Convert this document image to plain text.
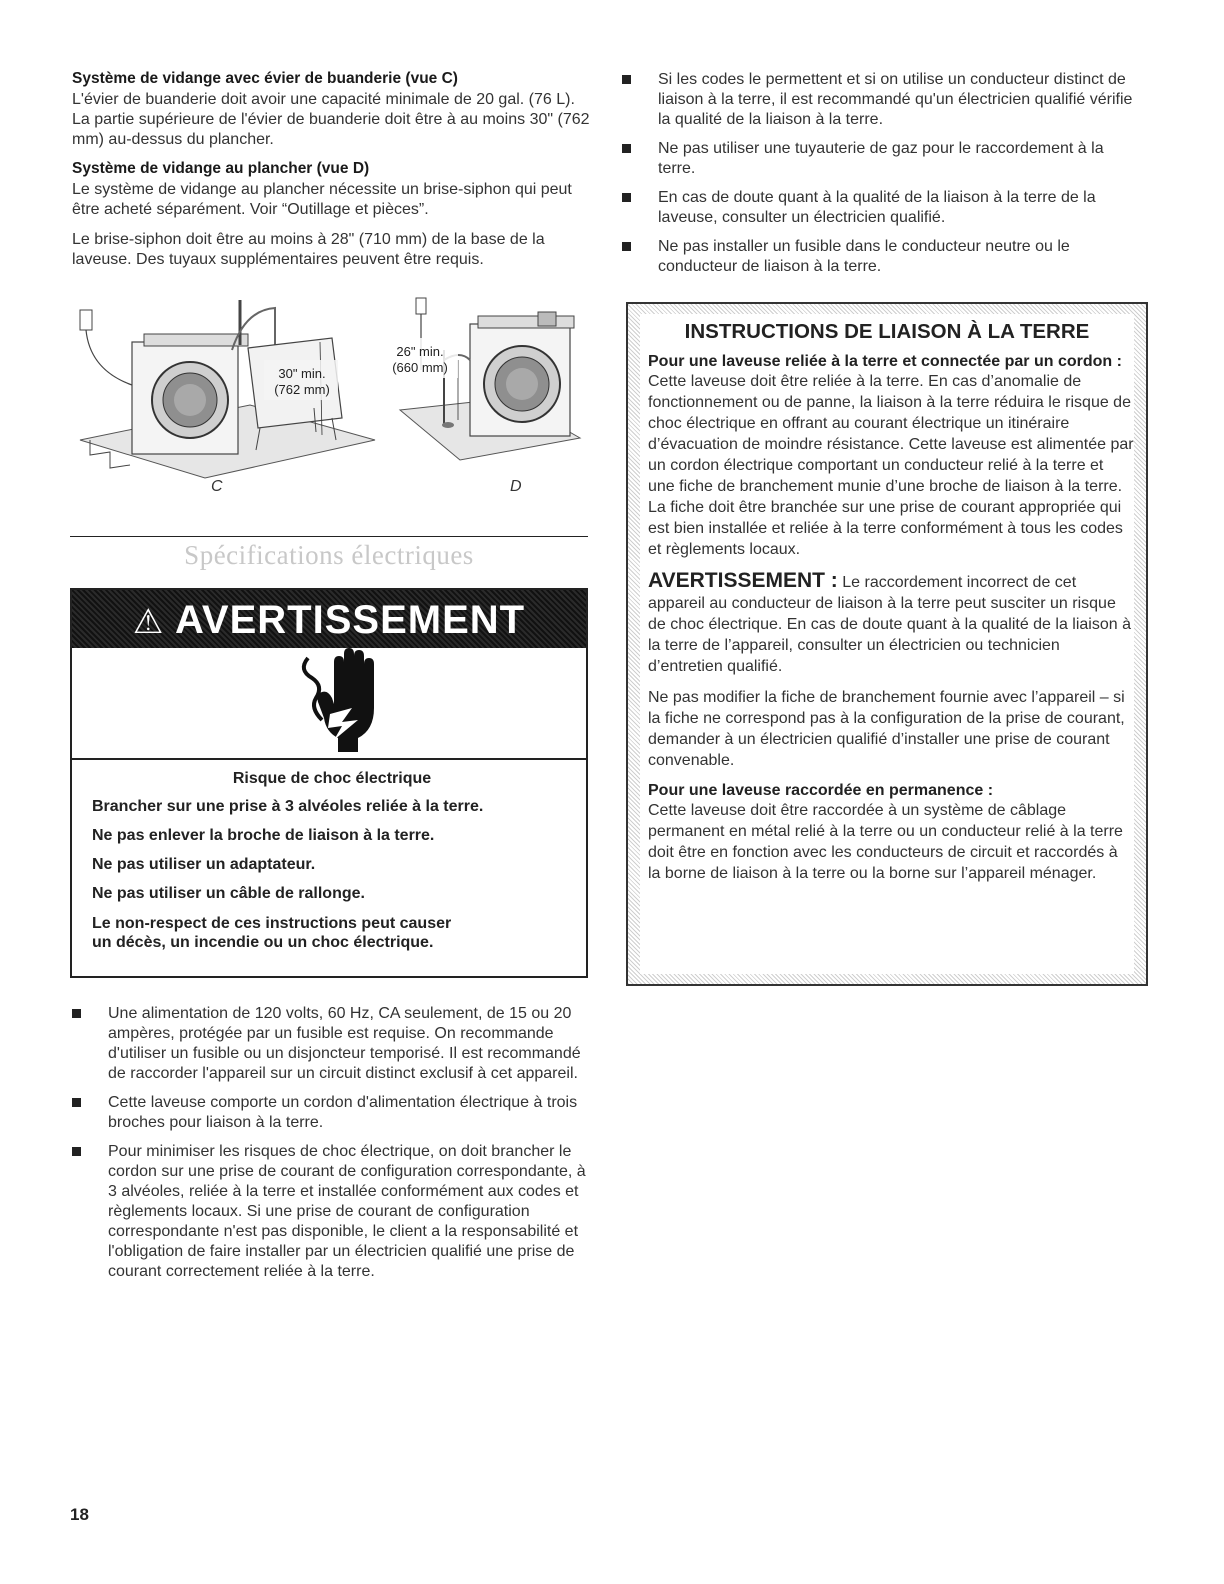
Système de vidange avec évier de buanderie (vue C)

L'évier de buanderie doit avoir une capacité minimale de 20 gal. (76 L). La partie supérieure de l'évier de buanderie doit être à au moins 30" (762 mm) au-dessus du plancher.

Système de vidange au plancher (vue D)

Le système de vidange au plancher nécessite un brise-siphon qui peut être acheté séparément. Voir “Outillage et pièces”.

Le brise-siphon doit être au moins à 28" (710 mm) de la base de la laveuse. Des tuyaux supplémentaires peuvent être requis.

30" min.
(762 mm)
26" min.
(660 mm)
C	D
Spécifications électriques
⚠ AVERTISSEMENT
Risque de choc électrique
Brancher sur une prise à 3 alvéoles reliée à la terre.
Ne pas enlever la broche de liaison à la terre.
Ne pas utiliser un adaptateur.
Ne pas utiliser un câble de rallonge.
Le non-respect de ces instructions peut causer
un décès, un incendie ou un choc électrique.
Une alimentation de 120 volts, 60 Hz, CA seulement, de 15 ou 20 ampères, protégée par un fusible est requise. On recommande d'utiliser un fusible ou un disjoncteur temporisé. Il est recommandé de raccorder l'appareil sur un circuit distinct exclusif à cet appareil.
Cette laveuse comporte un cordon d'alimentation électrique à trois broches pour liaison à la terre.
Pour minimiser les risques de choc électrique, on doit brancher le cordon sur une prise de courant de configuration correspondante, à 3 alvéoles, reliée à la terre et installée conformément aux codes et règlements locaux. Si une prise de courant de configuration correspondante n'est pas disponible, le client a la responsabilité et l'obligation de faire installer par un électricien qualifié une prise de courant correctement reliée à la terre.
Si les codes le permettent et si on utilise un conducteur distinct de liaison à la terre, il est recommandé qu'un électricien qualifié vérifie la qualité de la liaison à la terre.
Ne pas utiliser une tuyauterie de gaz pour le raccordement à la terre.
En cas de doute quant à la qualité de la liaison à la terre de la laveuse, consulter un électricien qualifié.
Ne pas installer un fusible dans le conducteur neutre ou le conducteur de liaison à la terre.
INSTRUCTIONS DE LIAISON À LA TERRE
Pour une laveuse reliée à la terre et connectée par un cordon :

Cette laveuse doit être reliée à la terre. En cas d’anomalie de fonctionnement ou de panne, la liaison à la terre réduira le risque de choc électrique en offrant au courant électrique un itinéraire d’évacuation de moindre résistance. Cette laveuse est alimentée par un cordon électrique comportant un conducteur relié à la terre et une fiche de branchement munie d’une broche de liaison à la terre. La fiche doit être branchée sur une prise de courant appropriée qui est bien installée et reliée à la terre conformément à tous les codes et règlements locaux.

AVERTISSEMENT : Le raccordement incorrect de cet appareil au conducteur de liaison à la terre peut susciter un risque de choc électrique. En cas de doute quant à la qualité de la liaison à la terre de l’appareil, consulter un électricien ou technicien d’entretien qualifié.

Ne pas modifier la fiche de branchement fournie avec l’appareil – si la fiche ne correspond pas à la configuration de la prise de courant, demander à un électricien qualifié d’installer une prise de courant convenable.

Pour une laveuse raccordée en permanence :

Cette laveuse doit être raccordée à un système de câblage permanent en métal relié à la terre ou un conducteur relié à la terre doit être en fonction avec les conducteurs de circuit et raccordés à la borne de liaison à la terre ou la borne sur l’appareil ménager.

18
